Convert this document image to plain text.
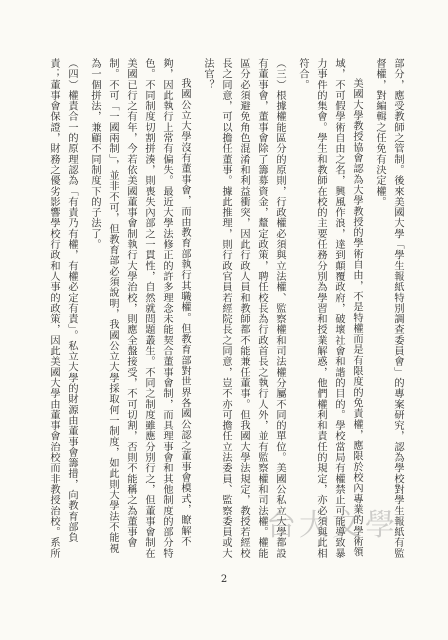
部分，應受教師之管制。後來美國大學「學生報紙特別調查委員會」的專案研究，認為學校對學生報紙有監督權，對編輯之任免有決定權。

美國大學教授協會認為大學教授的學術自由，不是特權而是有限度的免責權，應限於校內專業的學術領域，不可假學術自由之名，興風作浪，達到顛覆政府，破壞社會和諧的目的。學校當局有權禁止可能導致暴力事件的集會。學生和教師在校的主要任務分別為學習和授業解惑，他們權利和責任的規定，亦必須與此相符合。

（三）根據權能區分的原則，行政權必須與立法權、監察權和司法權分屬不同的單位。美國公私立大學都設有董事會，董事會除了籌募資金，釐定政策，聘任校長為行政首長之執行人外，並有監察權和司法權。權能區分必須避免角色混淆和利益衝突，因此行政人員和教師都不能兼任董事。但我國大學法規定，教授若經校長之同意，可以擔任董事。據此推理，則行政官員若經院長之同意，豈不亦可擔任立法委員、監察委員或大法官？

我國公立大學沒有董事會，而由教育部執行其職權。但教育部對世界各國公認之董事會模式，瞭解不夠，因此執行上常有偏失。最近大學法修正的許多理念未能契合董事會制，而具理事會和其他制度的部分特色。不同制度切割拼湊，則喪失內部之一貫性，自然就問題叢生。不同之制度雖應分別行之，但董事會制在美國已行之有年，今若依美國董事會制執行大學治校，則應全盤接受，不可切割，否則不能稱之為董事會制。不可「一國兩制」，並非不可，但教育部必須說明，我國公立大學採取何一制度，如此則大學法不能視為一個拼法，兼顧不同制度下的子法了。

（四）權責合一的原理認為「有責乃有權，有權必定有責」。私立大學的財源由董事會籌措，向教育部負責；董事會保證，財務之優劣影響學校行政和人事的政策，因此美國大學由董事會治校而非教授治校。系所	台大文學
2
